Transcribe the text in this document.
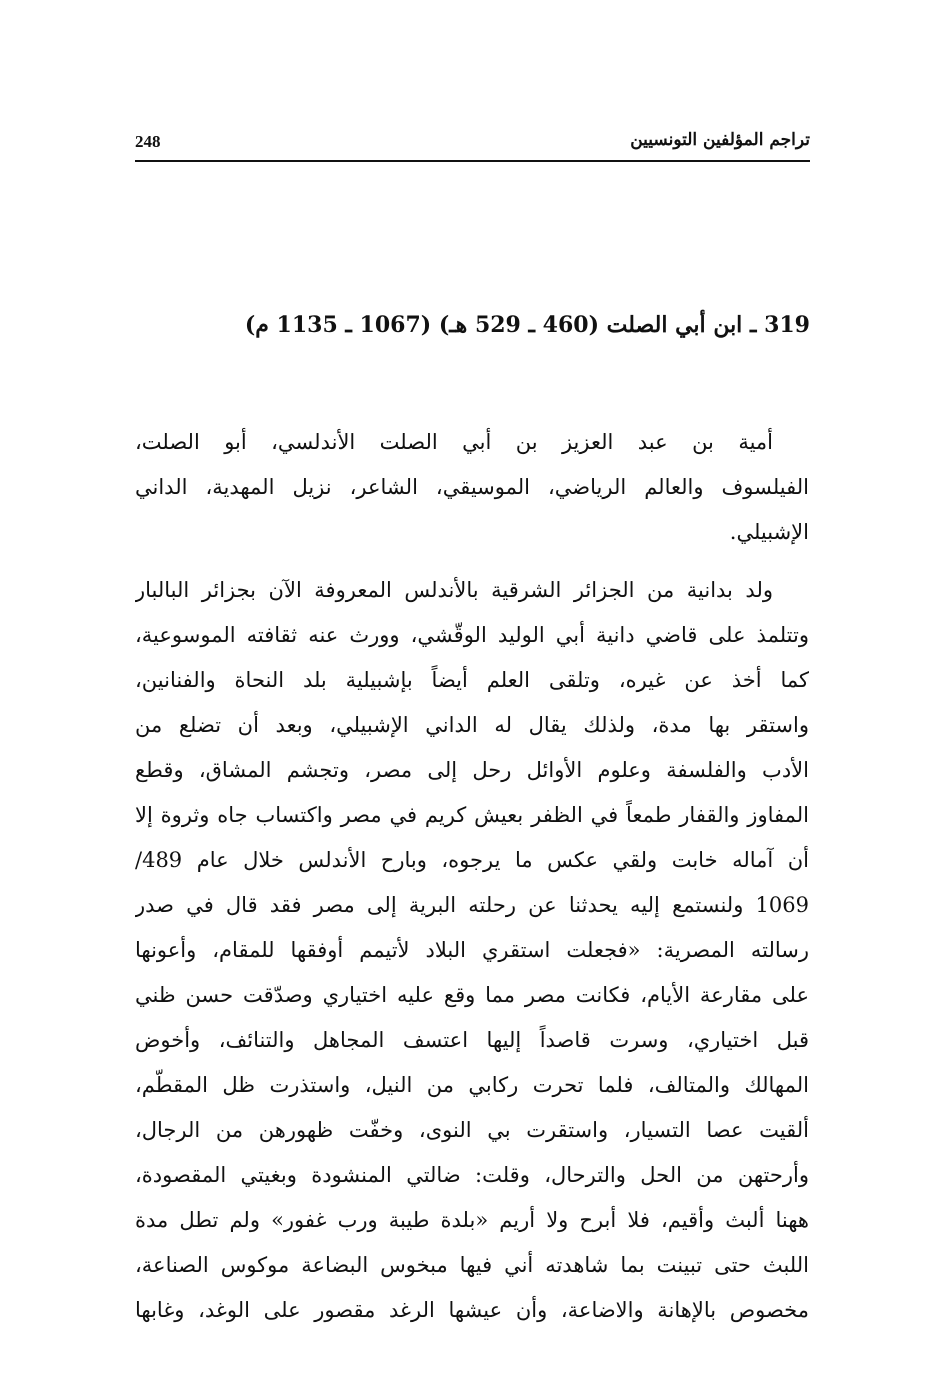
تراجم المؤلفين التونسيين
248
319 ـ ابن أبي الصلت (460 ـ 529 هـ) (1067 ـ 1135 م)
أمية بن عبد العزيز بن أبي الصلت الأندلسي، أبو الصلت،
الفيلسوف والعالم الرياضي، الموسيقي، الشاعر، نزيل المهدية، الداني
الإشبيلي.
ولد بدانية من الجزائر الشرقية بالأندلس المعروفة الآن بجزائر البالبار
وتتلمذ على قاضي دانية أبي الوليد الوقّشي، وورث عنه ثقافته الموسوعية،
كما أخذ عن غيره، وتلقى العلم أيضاً بإشبيلية بلد النحاة والفنانين،
واستقر بها مدة، ولذلك يقال له الداني الإشبيلي، وبعد أن تضلع من
الأدب والفلسفة وعلوم الأوائل رحل إلى مصر، وتجشم المشاق، وقطع
المفاوز والقفار طمعاً في الظفر بعيش كريم في مصر واكتساب جاه وثروة إلا
أن آماله خابت ولقي عكس ما يرجوه، وبارح الأندلس خلال عام 489/
1069 ولنستمع إليه يحدثنا عن رحلته البرية إلى مصر فقد قال في صدر
رسالته المصرية: «فجعلت استقري البلاد لأتيمم أوفقها للمقام، وأعونها
على مقارعة الأيام، فكانت مصر مما وقع عليه اختياري وصدّقت حسن ظني
قبل اختياري، وسرت قاصداً إليها اعتسف المجاهل والتنائف، وأخوض
المهالك والمتالف، فلما تحرت ركابي من النيل، واستذرت ظل المقطّم،
ألقيت عصا التسيار، واستقرت بي النوى، وخفّت ظهورهن من الرجال،
وأرحتهن من الحل والترحال، وقلت: ضالتي المنشودة وبغيتي المقصودة،
ههنا ألبث وأقيم، فلا أبرح ولا أريم «بلدة طيبة ورب غفور» ولم تطل مدة
اللبث حتى تبينت بما شاهدته أني فيها مبخوس البضاعة موكوس الصناعة،
مخصوص بالإهانة والاضاعة، وأن عيشها الرغد مقصور على الوغد، وغابها
